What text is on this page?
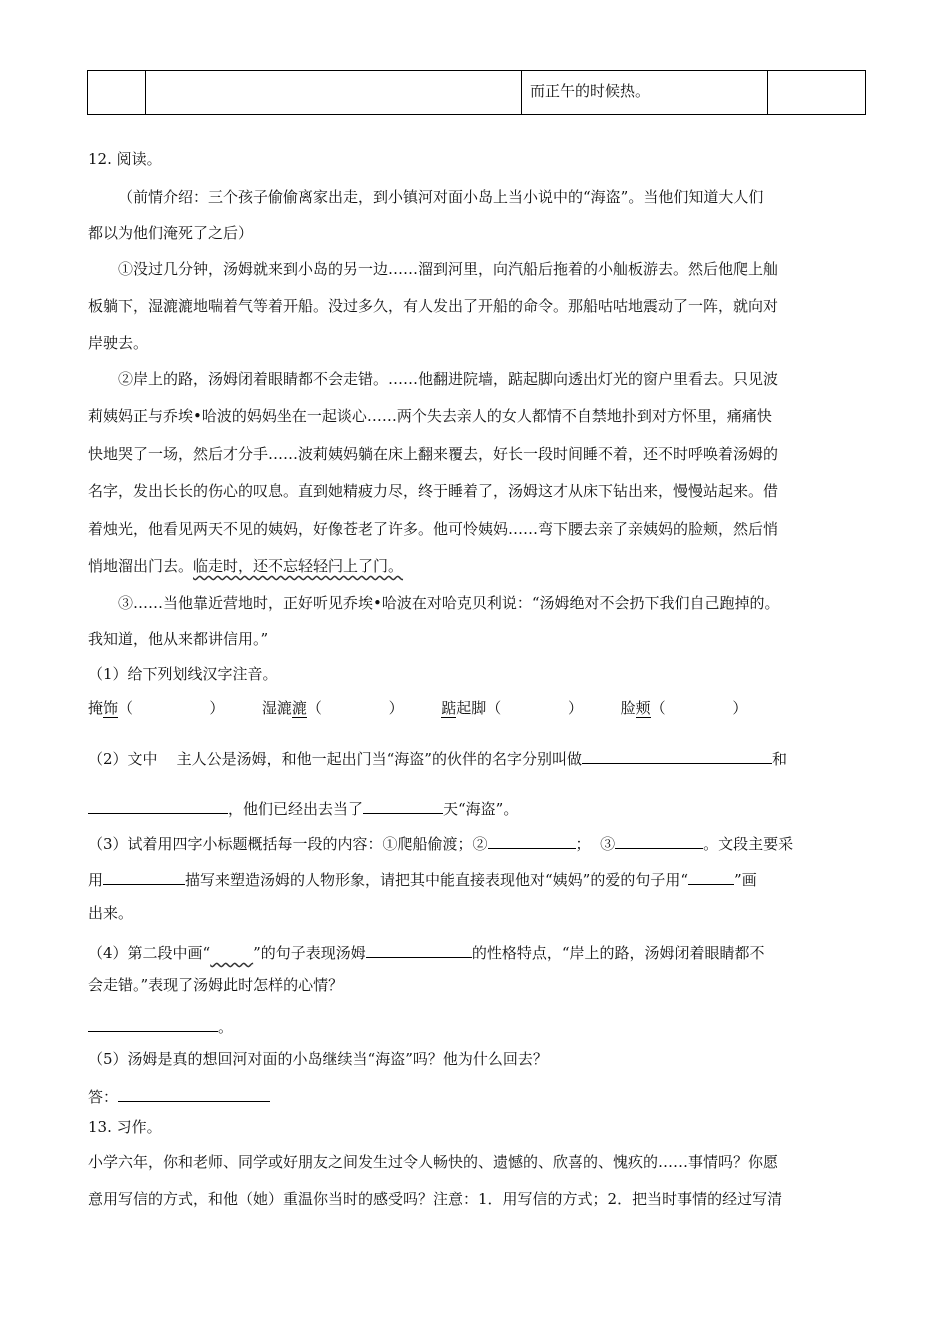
		而正午的时候热。	
12. 阅读。
（前情介绍：三个孩子偷偷离家出走，到小镇河对面小岛上当小说中的“海盗”。当他们知道大人们
都以为他们淹死了之后）
①没过几分钟，汤姆就来到小岛的另一边……溜到河里，向汽船后拖着的小舢板游去。然后他爬上舢
板躺下，湿漉漉地喘着气等着开船。没过多久，有人发出了开船的命令。那船咕咕地震动了一阵，就向对
岸驶去。
②岸上的路，汤姆闭着眼睛都不会走错。……他翻进院墙，踮起脚向透出灯光的窗户里看去。只见波
莉姨妈正与乔埃•哈波的妈妈坐在一起谈心……两个失去亲人的女人都情不自禁地扑到对方怀里，痛痛快
快地哭了一场，然后才分手……波莉姨妈躺在床上翻来覆去，好长一段时间睡不着，还不时呼唤着汤姆的
名字，发出长长的伤心的叹息。直到她精疲力尽，终于睡着了，汤姆这才从床下钻出来，慢慢站起来。借
着烛光，他看见两天不见的姨妈，好像苍老了许多。他可怜姨妈……弯下腰去亲了亲姨妈的脸颊，然后悄
悄地溜出门去。临走时，还不忘轻轻闩上了门。
③……当他靠近营地时，正好听见乔埃•哈波在对哈克贝利说：“汤姆绝对不会扔下我们自己跑掉的。
我知道，他从来都讲信用。”
（1）给下列划线汉字注音。
掩饰（                ）	湿漉漉（              ）	踮起脚（              ）	脸颊（              ）
（2）文中    主人公是汤姆，和他一起出门当“海盗”的伙伴的名字分别叫做	和
，他们已经出去当了	天“海盗”。
（3）试着用四字小标题概括每一段的内容：①爬船偷渡；②	；  ③	。文段主要采
用	描写来塑造汤姆的人物形象，请把其中能直接表现他对“姨妈”的爱的句子用“	”画
出来。
（4）第二段中画“	”的句子表现汤姆	的性格特点，“岸上的路，汤姆闭着眼睛都不
会走错。”表现了汤姆此时怎样的心情？
。
（5）汤姆是真的想回河对面的小岛继续当“海盗”吗？他为什么回去？
答：
13. 习作。
小学六年，你和老师、同学或好朋友之间发生过令人畅快的、遗憾的、欣喜的、愧疚的……事情吗？你愿
意用写信的方式，和他（她）重温你当时的感受吗？注意：1．用写信的方式；2．把当时事情的经过写清
